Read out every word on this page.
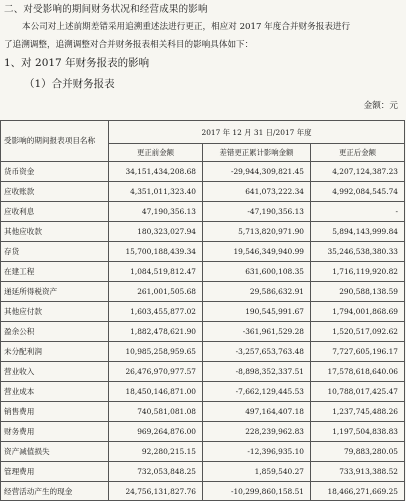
二、对受影响的期间财务状况和经营成果的影响
本公司对上述前期差错采用追溯重述法进行更正，相应对 2017 年度合并财务报表进行
了追溯调整，追溯调整对合并财务报表相关科目的影响具体如下：
1、对 2017 年财务报表的影响
（1）合并财务报表
金额：元
受影响的期间报表项目名称	2017 年 12 月 31 日/2017 年度		
	更正前金额	差错更正累计影响金额	更正后金额
货币资金	34,151,434,208.68	-29,944,309,821.45	4,207,124,387.23
应收账款	4,351,011,323.40	641,073,222.34	4,992,084,545.74
应收利息	47,190,356.13	-47,190,356.13	-
其他应收款	180,323,027.94	5,713,820,971.90	5,894,143,999.84
存货	15,700,188,439.34	19,546,349,940.99	35,246,538,380.33
在建工程	1,084,519,812.47	631,600,108.35	1,716,119,920.82
递延所得税资产	261,001,505.68	29,586,632.91	290,588,138.59
其他应付款	1,603,455,877.02	190,545,991.67	1,794,001,868.69
盈余公积	1,882,478,621.90	-361,961,529.28	1,520,517,092.62
未分配利润	10,985,258,959.65	-3,257,653,763.48	7,727,605,196.17
营业收入	26,476,970,977.57	-8,898,352,337.51	17,578,618,640.06
营业成本	18,450,146,871.00	-7,662,129,445.53	10,788,017,425.47
销售费用	740,581,081.08	497,164,407.18	1,237,745,488.26
财务费用	969,264,876.00	228,239,962.83	1,197,504,838.83
资产减值损失	92,280,215.15	-12,396,935.10	79,883,280.05
管理费用	732,053,848.25	1,859,540.27	733,913,388.52
经营活动产生的现金	24,756,131,827.76	-10,299,860,158.51	18,466,271,669.25
